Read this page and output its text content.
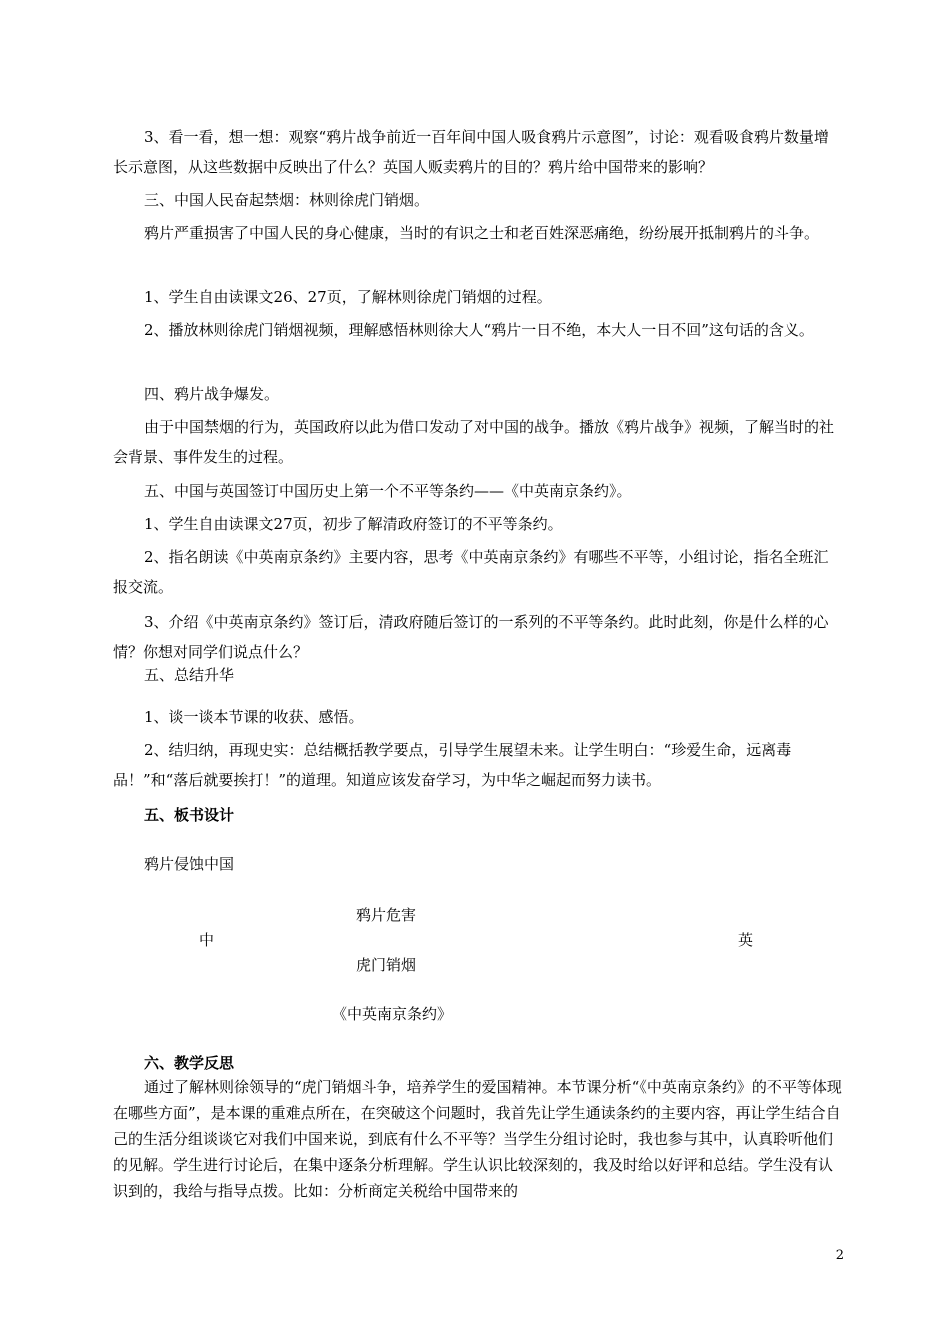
3、看一看，想一想：观察“鸦片战争前近一百年间中国人吸食鸦片示意图”，讨论：观看吸食鸦片数量增长示意图，从这些数据中反映出了什么？英国人贩卖鸦片的目的？鸦片给中国带来的影响？

三、中国人民奋起禁烟：林则徐虎门销烟。

鸦片严重损害了中国人民的身心健康，当时的有识之士和老百姓深恶痛绝，纷纷展开抵制鸦片的斗争。

1、学生自由读课文26、27页，了解林则徐虎门销烟的过程。

2、播放林则徐虎门销烟视频，理解感悟林则徐大人“鸦片一日不绝，本大人一日不回”这句话的含义。

四、鸦片战争爆发。

由于中国禁烟的行为，英国政府以此为借口发动了对中国的战争。播放《鸦片战争》视频，了解当时的社会背景、事件发生的过程。

五、中国与英国签订中国历史上第一个不平等条约——《中英南京条约》。

1、学生自由读课文27页，初步了解清政府签订的不平等条约。

2、指名朗读《中英南京条约》主要内容，思考《中英南京条约》有哪些不平等，小组讨论，指名全班汇报交流。

3、介绍《中英南京条约》签订后，清政府随后签订的一系列的不平等条约。此时此刻，你是什么样的心情？你想对同学们说点什么？

五、总结升华

1、谈一谈本节课的收获、感悟。

2、结归纳，再现史实：总结概括教学要点，引导学生展望未来。让学生明白：“珍爱生命，远离毒品！”和“落后就要挨打！”的道理。知道应该发奋学习，为中华之崛起而努力读书。

五、板书设计

鸦片侵蚀中国

鸦片危害
中	英
虎门销烟
《中英南京条约》

六、教学反思

通过了解林则徐领导的“虎门销烟斗争，培养学生的爱国精神。本节课分析“《中英南京条约》的不平等体现在哪些方面”，是本课的重难点所在，在突破这个问题时，我首先让学生通读条约的主要内容，再让学生结合自己的生活分组谈谈它对我们中国来说，到底有什么不平等？当学生分组讨论时，我也参与其中，认真聆听他们的见解。学生进行讨论后，在集中逐条分析理解。学生认识比较深刻的，我及时给以好评和总结。学生没有认识到的，我给与指导点拨。比如：分析商定关税给中国带来的

2
